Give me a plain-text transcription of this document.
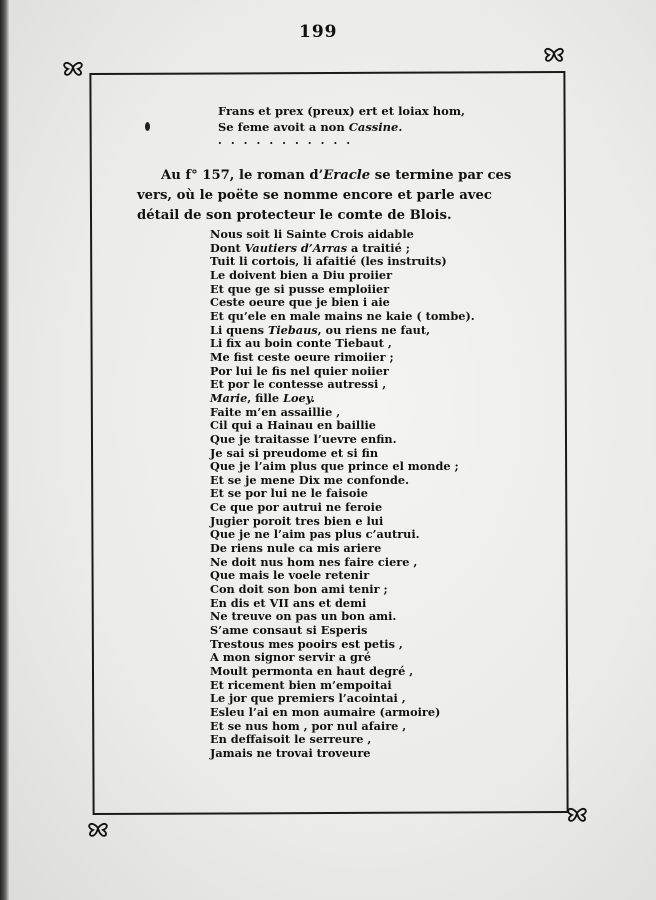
199
Frans et prex (preux) ert et loiax hom,
Se feme avoit a non Cassine.
...........
Au f° 157, le roman d’Eracle se termine par ces vers, où le poëte se nomme encore et parle avec détail de son protecteur le comte de Blois.
Nous soit li Sainte Crois aidable
Dont Vautiers d’Arras a traitié ;
Tuit li cortois, li afaitié (les instruits)
Le doivent bien a Diu proiier
Et que ge si pusse emploiier
Ceste oeure que je bien i aie
Et qu’ele en male mains ne kaie ( tombe).
Li quens Tiebaus, ou riens ne faut,
Li fix au boin conte Tiebaut ,
Me fist ceste oeure rimoiier ;
Por lui le fis nel quier noiier
Et por le contesse autressi ,
Marie, fille Loey.
Faite m’en assaillie ,
Cil qui a Hainau en baillie
Que je traitasse l’uevre enfin.
Je sai si preudome et si fin
Que je l’aim plus que prince el monde ;
Et se je mene Dix me confonde.
Et se por lui ne le faisoie
Ce que por autrui ne feroie
Jugier poroit tres bien e lui
Que je ne l’aim pas plus c’autrui.
De riens nule ca mis ariere
Ne doit nus hom nes faire ciere ,
Que mais le voele retenir
Con doit son bon ami tenir ;
En dis et VII ans et demi
Ne treuve on pas un bon ami.
S’ame consaut si Esperis
Trestous mes pooirs est petis ,
A mon signor servir a gré
Moult permonta en haut degré ,
Et ricement bien m’empoitai
Le jor que premiers l’acointai ,
Esleu l’ai en mon aumaire (armoire)
Et se nus hom , por nul afaire ,
En deffaisoit le serreure ,
Jamais ne trovai troveure
